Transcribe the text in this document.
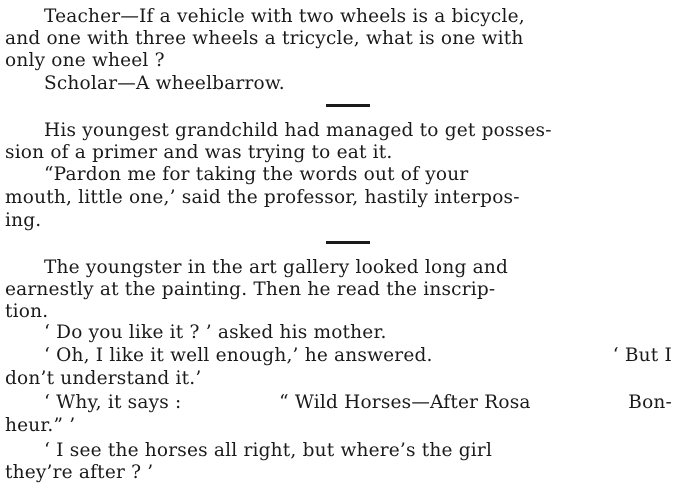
Teacher—If a vehicle with two wheels is a bicycle,
and one with three wheels a tricycle, what is one with
only one wheel ?
Scholar—A wheelbarrow.
His youngest grandchild had managed to get posses-
sion of a primer and was trying to eat it.
“Pardon me for taking the words out of your
mouth, little one,’ said the professor, hastily interpos-
ing.
The youngster in the art gallery looked long and
earnestly at the painting. Then he read the inscrip-
tion.
‘ Do you like it ? ’ asked his mother.
‘ Oh, I like it well enough,’ he answered.	‘ But I
don’t understand it.’
‘ Why, it says :	“ Wild Horses—After Rosa	Bon-
heur.” ’
‘ I see the horses all right, but where’s the girl
they’re after ? ’
